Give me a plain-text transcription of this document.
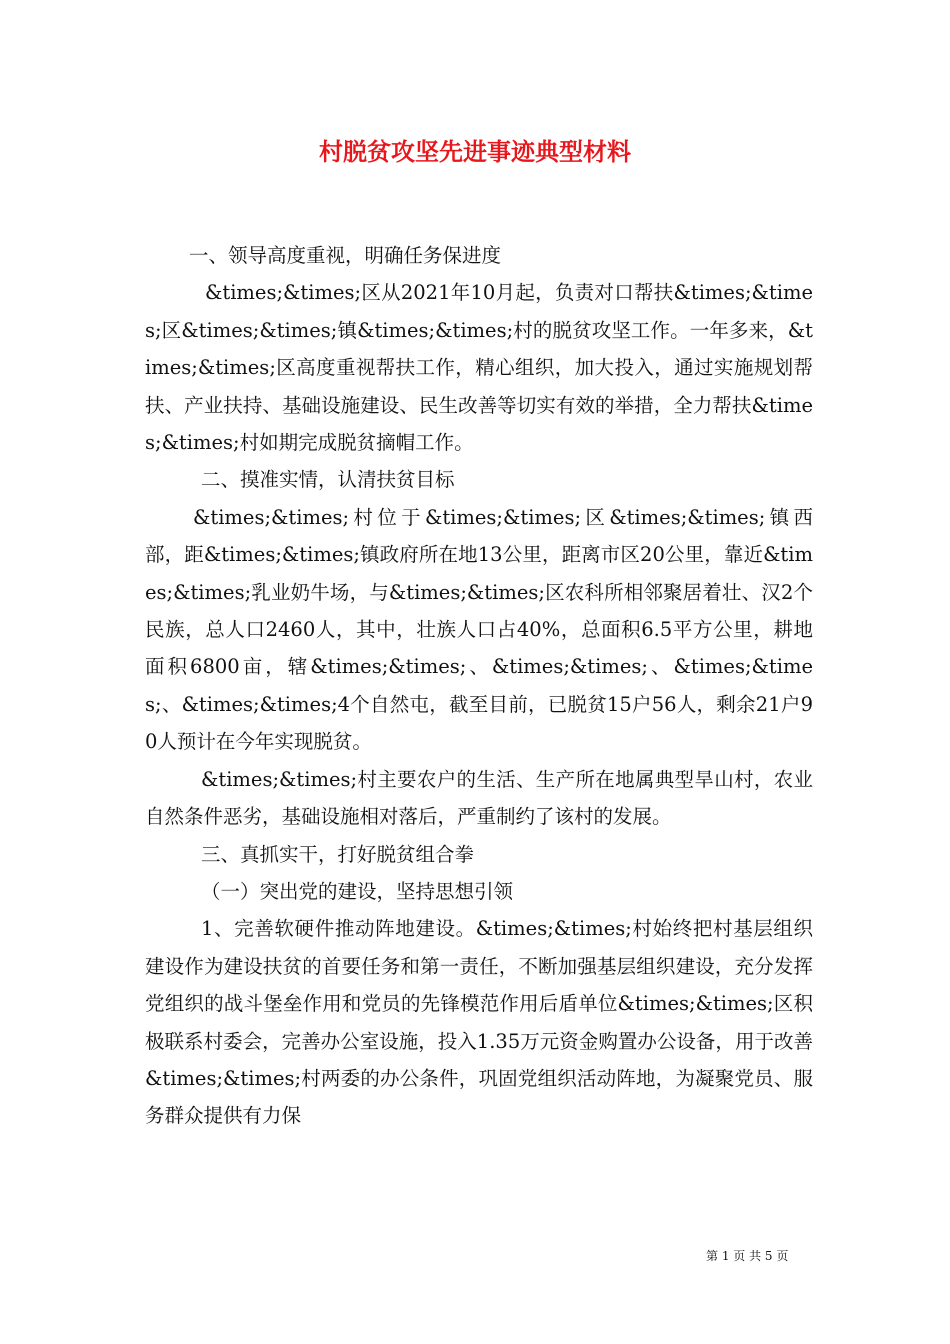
村脱贫攻坚先进事迹典型材料

一、领导高度重视，明确任务保进度

&times;&times;区从2021年10月起，负责对口帮扶&times;&times;区&times;&times;镇&times;&times;村的脱贫攻坚工作。一年多来，&times;&times;区高度重视帮扶工作，精心组织，加大投入，通过实施规划帮扶、产业扶持、基础设施建设、民生改善等切实有效的举措，全力帮扶&times;&times;村如期完成脱贫摘帽工作。

二、摸准实情，认清扶贫目标

&times;&times;村位于&times;&times;区&times;&times;镇西部，距&times;&times;镇政府所在地13公里，距离市区20公里，靠近&times;&times;乳业奶牛场，与&times;&times;区农科所相邻聚居着壮、汉2个民族，总人口2460人，其中，壮族人口占40%，总面积6.5平方公里，耕地面积6800亩，辖&times;&times;、&times;&times;、&times;&times;、&times;&times;4个自然屯，截至目前，已脱贫15户56人，剩余21户90人预计在今年实现脱贫。

&times;&times;村主要农户的生活、生产所在地属典型旱山村，农业自然条件恶劣，基础设施相对落后，严重制约了该村的发展。

三、真抓实干，打好脱贫组合拳

（一）突出党的建设，坚持思想引领

1、完善软硬件推动阵地建设。&times;&times;村始终把村基层组织建设作为建设扶贫的首要任务和第一责任，不断加强基层组织建设，充分发挥党组织的战斗堡垒作用和党员的先锋模范作用后盾单位&times;&times;区积极联系村委会，完善办公室设施，投入1.35万元资金购置办公设备，用于改善&times;&times;村两委的办公条件，巩固党组织活动阵地，为凝聚党员、服务群众提供有力保

第 1 页 共 5 页
